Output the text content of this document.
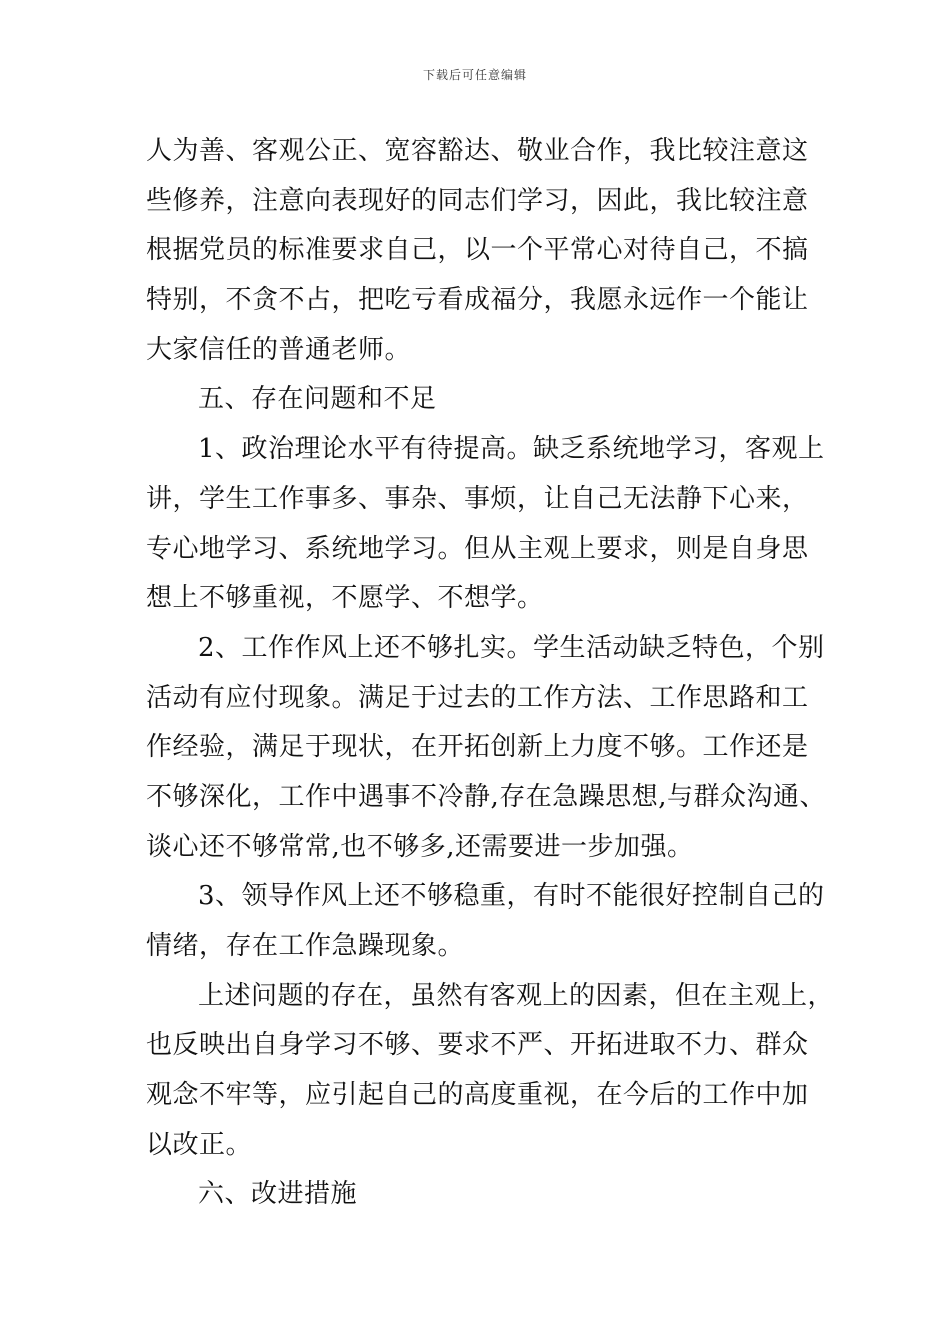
下载后可任意编辑
人为善、客观公正、宽容豁达、敬业合作，我比较注意这
些修养，注意向表现好的同志们学习，因此，我比较注意
根据党员的标准要求自己，以一个平常心对待自己，不搞
特别，不贪不占，把吃亏看成福分，我愿永远作一个能让
大家信任的普通老师。
五、存在问题和不足
1、政治理论水平有待提高。缺乏系统地学习，客观上
讲，学生工作事多、事杂、事烦，让自己无法静下心来，
专心地学习、系统地学习。但从主观上要求，则是自身思
想上不够重视，不愿学、不想学。
2、工作作风上还不够扎实。学生活动缺乏特色，个别
活动有应付现象。满足于过去的工作方法、工作思路和工
作经验，满足于现状，在开拓创新上力度不够。工作还是
不够深化，工作中遇事不冷静,存在急躁思想,与群众沟通、
谈心还不够常常,也不够多,还需要进一步加强。
3、领导作风上还不够稳重，有时不能很好控制自己的
情绪，存在工作急躁现象。
上述问题的存在，虽然有客观上的因素，但在主观上，
也反映出自身学习不够、要求不严、开拓进取不力、群众
观念不牢等，应引起自己的高度重视，在今后的工作中加
以改正。
六、改进措施
